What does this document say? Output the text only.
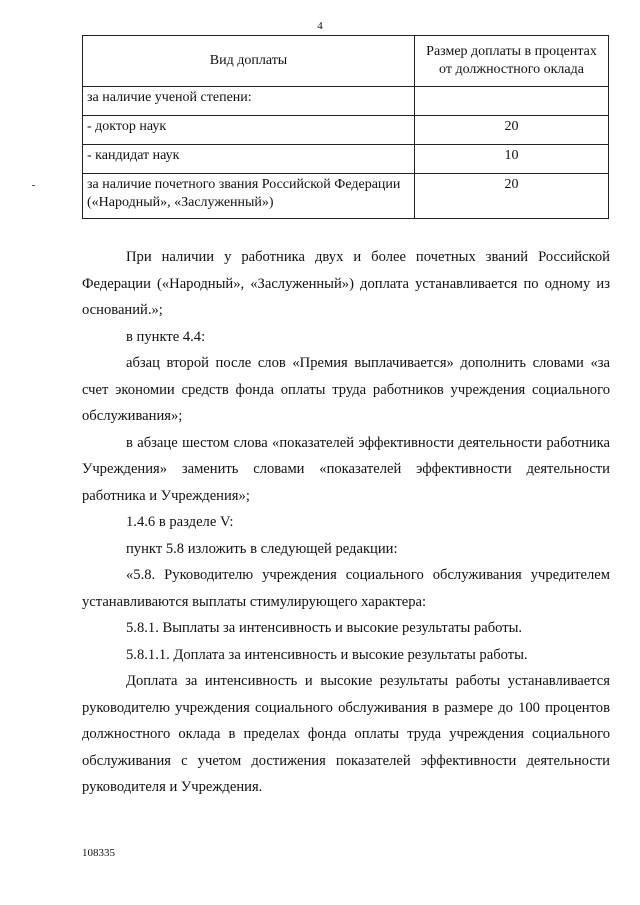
4
Вид доплаты	Размер доплаты в процентах от должностного оклада
за наличие ученой степени:	
- доктор наук	20
- кандидат наук	10
за наличие почетного звания Российской Федерации («Народный», «Заслуженный»)	20

При наличии у работника двух и более почетных званий Российской Федерации («Народный», «Заслуженный») доплата устанавливается по одному из оснований.»;

в пункте 4.4:

абзац второй после слов «Премия выплачивается» дополнить словами «за счет экономии средств фонда оплаты труда работников учреждения социального обслуживания»;

в абзаце шестом слова «показателей эффективности деятельности работника Учреждения» заменить словами «показателей эффективности деятельности работника и Учреждения»;

1.4.6 в разделе V:

пункт 5.8 изложить в следующей редакции:

«5.8. Руководителю учреждения социального обслуживания учредителем устанавливаются выплаты стимулирующего характера:

5.8.1. Выплаты за интенсивность и высокие результаты работы.

5.8.1.1. Доплата за интенсивность и высокие результаты работы.

Доплата за интенсивность и высокие результаты работы устанавливается руководителю учреждения социального обслуживания в размере до 100 процентов должностного оклада в пределах фонда оплаты труда учреждения социального обслуживания с учетом достижения показателей эффективности деятельности руководителя и Учреждения.

108335
